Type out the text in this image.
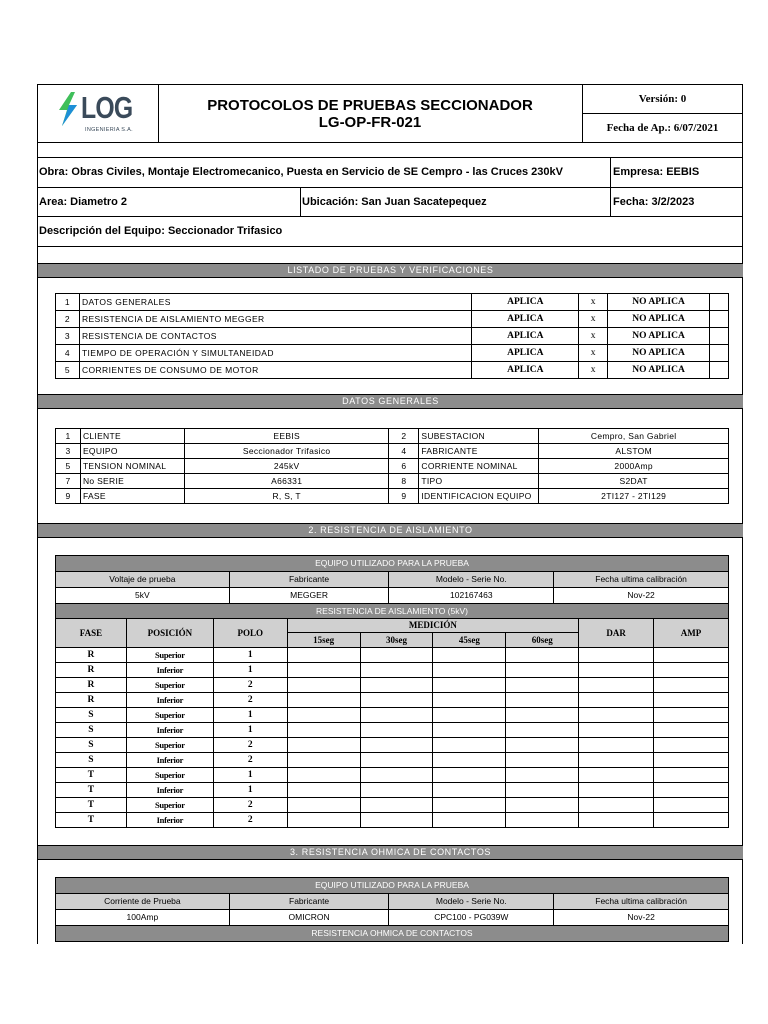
LOG
INGENIERIA S.A.
PROTOCOLOS DE PRUEBAS SECCIONADOR
LG-OP-FR-021
Versión: 0
Fecha de Ap.: 6/07/2021
Obra: Obras Civiles, Montaje Electromecanico, Puesta en Servicio de SE Cempro - las Cruces 230kV	Empresa: EEBIS
Area: Diametro 2	Ubicación: San Juan Sacatepequez	Fecha: 3/2/2023
Descripción del Equipo: Seccionador Trifasico
LISTADO DE PRUEBAS Y VERIFICACIONES
1	DATOS GENERALES	APLICA	x	NO APLICA	
2	RESISTENCIA DE AISLAMIENTO MEGGER	APLICA	x	NO APLICA	
3	RESISTENCIA DE CONTACTOS	APLICA	x	NO APLICA	
4	TIEMPO DE OPERACIÓN Y SIMULTANEIDAD	APLICA	x	NO APLICA	
5	CORRIENTES DE CONSUMO DE MOTOR	APLICA	x	NO APLICA	
DATOS GENERALES
1	CLIENTE	EEBIS	2	SUBESTACION	Cempro, San Gabriel
3	EQUIPO	Seccionador Trifasico	4	FABRICANTE	ALSTOM
5	TENSION NOMINAL	245kV	6	CORRIENTE NOMINAL	2000Amp
7	No SERIE	A66331	8	TIPO	S2DAT
9	FASE	R, S, T	9	IDENTIFICACION EQUIPO	2TI127 - 2TI129
2. RESISTENCIA DE AISLAMIENTO
EQUIPO UTILIZADO PARA LA PRUEBA			
Voltaje de prueba	Fabricante	Modelo - Serie No.	Fecha ultima calibración
5kV	MEGGER	102167463	Nov-22
RESISTENCIA DE AISLAMIENTO (5kV)			
FASE	POSICIÓN	POLO	MEDICIÓN				DAR	AMP
			15seg	30seg	45seg	60seg		
R	Superior	1						
R	Inferior	1						
R	Superior	2						
R	Inferior	2						
S	Superior	1						
S	Inferior	1						
S	Superior	2						
S	Inferior	2						
T	Superior	1						
T	Inferior	1						
T	Superior	2						
T	Inferior	2						
3. RESISTENCIA OHMICA DE CONTACTOS
EQUIPO UTILIZADO PARA LA PRUEBA			
Corriente de Prueba	Fabricante	Modelo - Serie No.	Fecha ultima calibración
100Amp	OMICRON	CPC100 - PG039W	Nov-22
RESISTENCIA OHMICA DE CONTACTOS			
